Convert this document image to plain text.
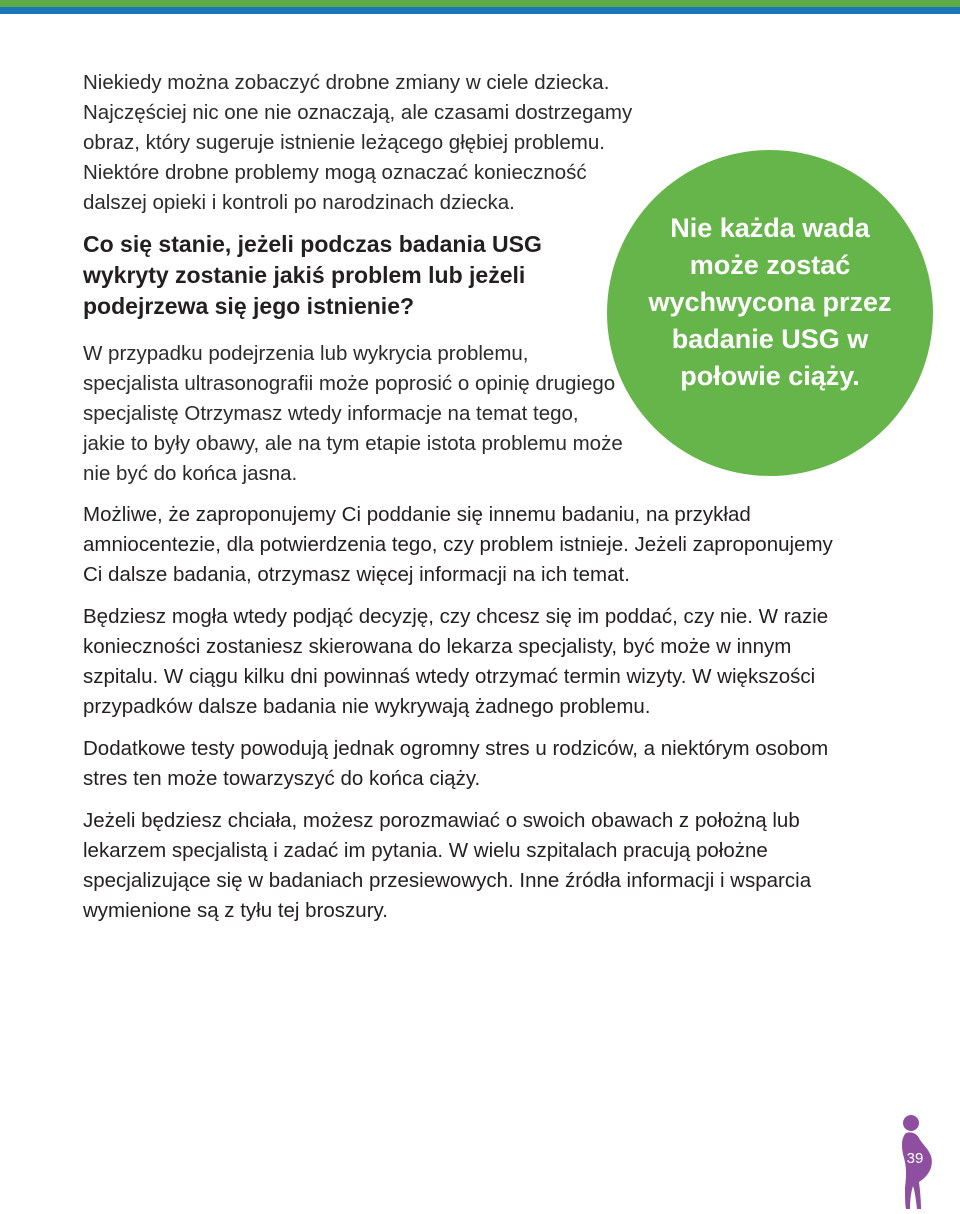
Niekiedy można zobaczyć drobne zmiany w ciele dziecka. Najczęściej nic one nie oznaczają, ale czasami dostrzegamy obraz, który sugeruje istnienie leżącego głębiej problemu. Niektóre drobne problemy mogą oznaczać konieczność dalszej opieki i kontroli po narodzinach dziecka.

Co się stanie, jeżeli podczas badania USG wykryty zostanie jakiś problem lub jeżeli podejrzewa się jego istnienie?

W przypadku podejrzenia lub wykrycia problemu, specjalista ultrasonografii może poprosić o opinię drugiego specjalistę Otrzymasz wtedy informacje na temat tego, jakie to były obawy, ale na tym etapie istota problemu może nie być do końca jasna.

Nie każda wada może zostać wychwycona przez badanie USG w połowie ciąży.

Możliwe, że zaproponujemy Ci poddanie się innemu badaniu, na przykład amniocentezie, dla potwierdzenia tego, czy problem istnieje. Jeżeli zaproponujemy Ci dalsze badania, otrzymasz więcej informacji na ich temat.

Będziesz mogła wtedy podjąć decyzję, czy chcesz się im poddać, czy nie. W razie konieczności zostaniesz skierowana do lekarza specjalisty, być może w innym szpitalu. W ciągu kilku dni powinnaś wtedy otrzymać termin wizyty. W większości przypadków dalsze badania nie wykrywają żadnego problemu.

Dodatkowe testy powodują jednak ogromny stres u rodziców, a niektórym osobom stres ten może towarzyszyć do końca ciąży.

Jeżeli będziesz chciała, możesz porozmawiać o swoich obawach z położną lub lekarzem specjalistą i zadać im pytania. W wielu szpitalach pracują położne specjalizujące się w badaniach przesiewowych. Inne źródła informacji i wsparcia wymienione są z tyłu tej broszury.

39
